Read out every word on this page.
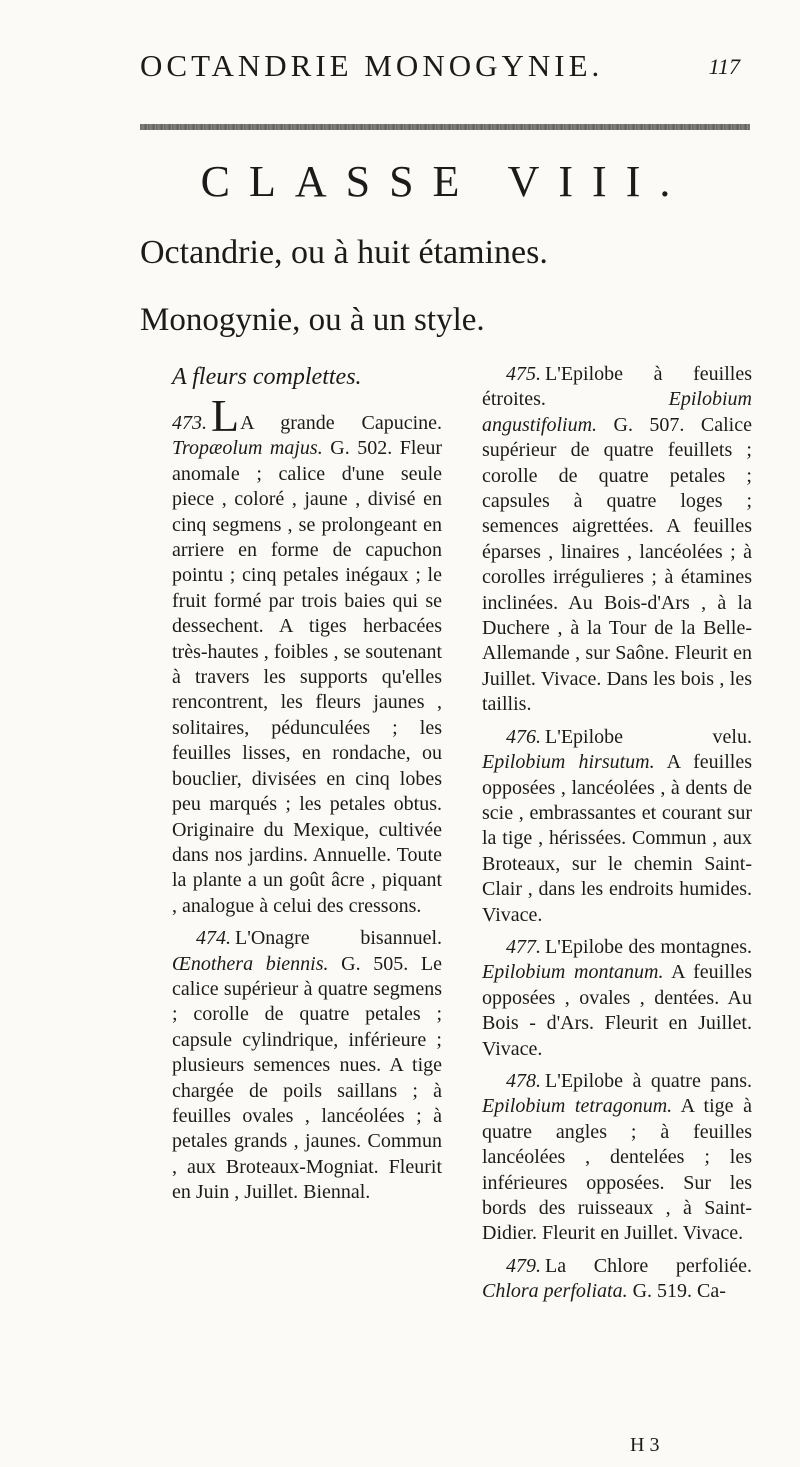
OCTANDRIE MONOGYNIE.	117
CLASSE VIII.
Octandrie, ou à huit étamines.
Monogynie, ou à un style.
A fleurs complettes.

473.LA grande Capucine. Tropæolum majus. G. 502. Fleur anomale ; calice d'une seule piece , coloré , jaune , divisé en cinq segmens , se prolongeant en arriere en forme de capuchon pointu ; cinq petales inégaux ; le fruit formé par trois baies qui se dessechent. A tiges herbacées très-hautes , foibles , se soutenant à travers les supports qu'elles rencontrent, les fleurs jaunes , solitaires, pédunculées ; les feuilles lisses, en rondache, ou bouclier, divisées en cinq lobes peu marqués ; les petales obtus. Originaire du Mexique, cultivée dans nos jardins. Annuelle. Toute la plante a un goût âcre , piquant , analogue à celui des cressons.

474. L'Onagre bisannuel. Œnothera biennis. G. 505. Le calice supérieur à quatre segmens ; corolle de quatre petales ; capsule cylindrique, inférieure ; plusieurs semences nues. A tige chargée de poils saillans ; à feuilles ovales , lancéolées ; à petales grands , jaunes. Commun , aux Broteaux-Mogniat. Fleurit en Juin , Juillet. Biennal.

475. L'Epilobe à feuilles étroites. Epilobium angustifolium. G. 507. Calice supérieur de quatre feuillets ; corolle de quatre petales ; capsules à quatre loges ; semences aigrettées. A feuilles éparses , linaires , lancéolées ; à corolles irrégulieres ; à étamines inclinées. Au Bois-d'Ars , à la Duchere , à la Tour de la Belle-Allemande , sur Saône. Fleurit en Juillet. Vivace. Dans les bois , les taillis.

476. L'Epilobe velu. Epilobium hirsutum. A feuilles opposées , lancéolées , à dents de scie , embrassantes et courant sur la tige , hérissées. Commun , aux Broteaux, sur le chemin Saint-Clair , dans les endroits humides. Vivace.

477. L'Epilobe des montagnes. Epilobium montanum. A feuilles opposées , ovales , dentées. Au Bois - d'Ars. Fleurit en Juillet. Vivace.

478. L'Epilobe à quatre pans. Epilobium tetragonum. A tige à quatre angles ; à feuilles lancéolées , dentelées ; les inférieures opposées. Sur les bords des ruisseaux , à Saint-Didier. Fleurit en Juillet. Vivace.

479. La Chlore perfoliée. Chlora perfoliata. G. 519. Ca-

H 3
